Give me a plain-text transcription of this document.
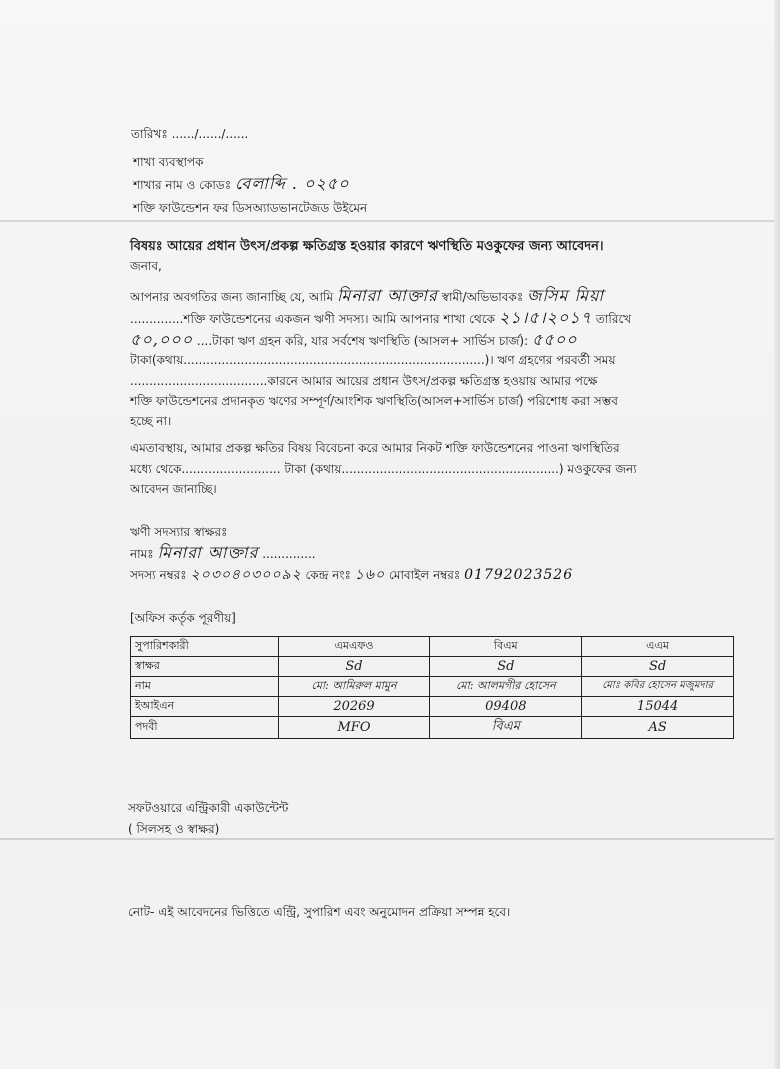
তারিখঃ ....../....../......
শাখা ব্যবস্থাপক
শাখার নাম ও কোডঃ বেলাব্দি . ০২৫০
শক্তি ফাউন্ডেশন ফর ডিসঅ্যাডভানটেজড উইমেন
বিষয়ঃ আয়ের প্রধান উৎস/প্রকল্প ক্ষতিগ্রস্ত হওয়ার কারণে ঋণস্থিতি মওকুফের জন্য আবেদন।
জনাব,
আপনার অবগতির জন্য জানাচ্ছি যে, আমি মিনারা আক্তার স্বামী/অভিভাবকঃ জসিম মিয়া
..............শক্তি ফাউন্ডেশনের একজন ঋণী সদস্য। আমি আপনার শাখা থেকে ২১।৫।২০১৭ তারিখে
৫০,০০০ ....টাকা ঋণ গ্রহন করি, যার সর্বশেষ ঋণস্থিতি (আসল+ সার্ভিস চার্জ): ৫৫০০
টাকা(কথায়...............................................................................)। ঋণ গ্রহণের পরবর্তী সময়
....................................কারনে আমার আয়ের প্রধান উৎস/প্রকল্প ক্ষতিগ্রস্ত হওয়ায় আমার পক্ষে
শক্তি ফাউন্ডেশনের প্রদানকৃত ঋণের সম্পূর্ণ/আংশিক ঋণস্থিতি(আসল+সার্ভিস চার্জ) পরিশোধ করা সম্ভব
হচ্ছে না।
এমতাবস্থায়, আমার প্রকল্প ক্ষতির বিষয় বিবেচনা করে আমার নিকট শক্তি ফাউন্ডেশনের পাওনা ঋণস্থিতির
মধ্যে থেকে.......................... টাকা (কথায়.........................................................) মওকুফের জন্য
আবেদন জানাচ্ছি।
ঋণী সদস্যার স্বাক্ষরঃ
নামঃ মিনারা আক্তার ..............
সদস্য নম্বরঃ ২০৩০৪০৩০০৯২ কেন্দ্র নংঃ ১৬০ মোবাইল নম্বরঃ 01792023526
[অফিস কর্তৃক পূরণীয়]
সুপারিশকারী	এমএফও	বিএম	এএম
স্বাক্ষর	Sd	Sd	Sd
নাম	মো: আমিরুল মামুন	মো: আলমগীর হোসেন	মোঃ কবির হোসেন মজুমদার
ইআইএন	20269	09408	15044
পদবী	MFO	বিএম	AS
সফটওয়ারে এন্ট্রিকারী একাউন্টেন্ট
( সিলসহ ও স্বাক্ষর)
নোট- এই আবেদনের ভিত্তিতে এন্ট্রি, সুপারিশ এবং অনুমোদন প্রক্রিয়া সম্পন্ন হবে।
